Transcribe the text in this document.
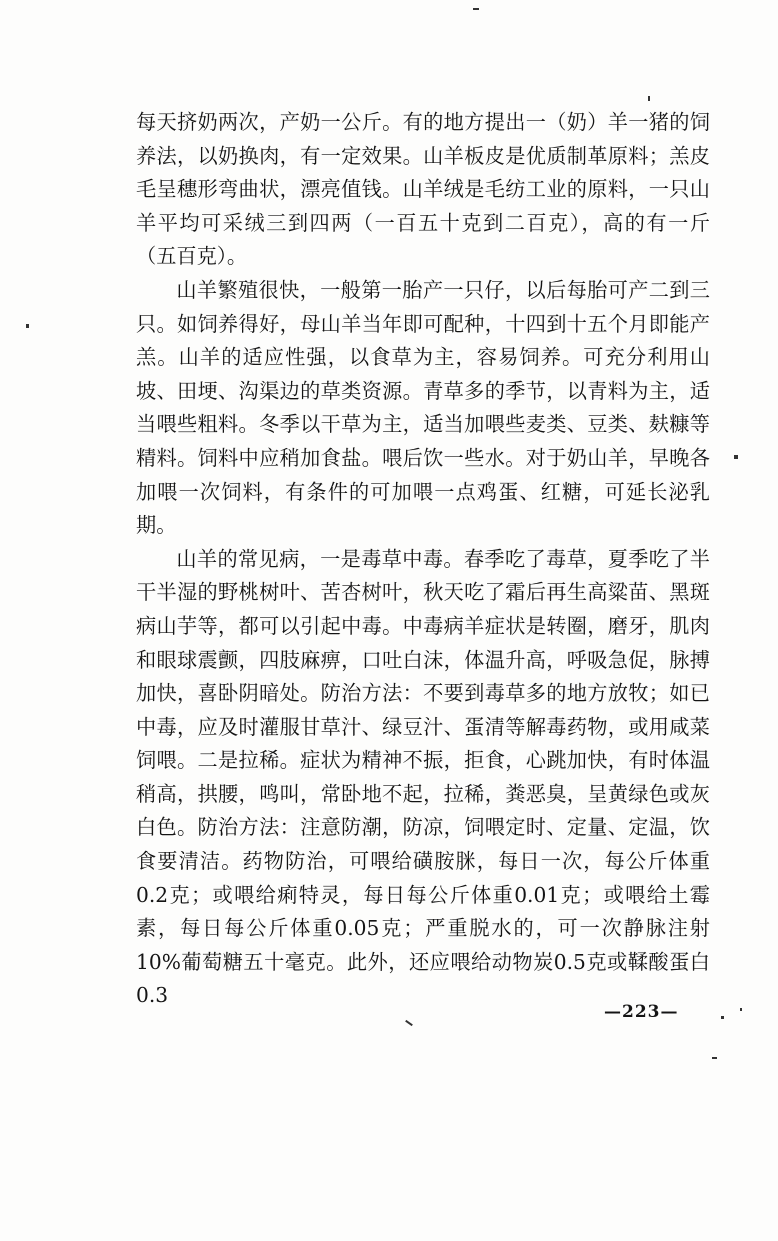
每天挤奶两次，产奶一公斤。有的地方提出一（奶）羊一猪的饲养法，以奶换肉，有一定效果。山羊板皮是优质制革原料；羔皮毛呈穗形弯曲状，漂亮值钱。山羊绒是毛纺工业的原料，一只山羊平均可采绒三到四两（一百五十克到二百克），高的有一斤（五百克）。

山羊繁殖很快，一般第一胎产一只仔，以后每胎可产二到三只。如饲养得好，母山羊当年即可配种，十四到十五个月即能产羔。山羊的适应性强，以食草为主，容易饲养。可充分利用山坡、田埂、沟渠边的草类资源。青草多的季节，以青料为主，适当喂些粗料。冬季以干草为主，适当加喂些麦类、豆类、麸糠等精料。饲料中应稍加食盐。喂后饮一些水。对于奶山羊，早晚各加喂一次饲料，有条件的可加喂一点鸡蛋、红糖，可延长泌乳期。

山羊的常见病，一是毒草中毒。春季吃了毒草，夏季吃了半干半湿的野桃树叶、苦杏树叶，秋天吃了霜后再生高粱苗、黑斑病山芋等，都可以引起中毒。中毒病羊症状是转圈，磨牙，肌肉和眼球震颤，四肢麻痹，口吐白沫，体温升高，呼吸急促，脉搏加快，喜卧阴暗处。防治方法：不要到毒草多的地方放牧；如已中毒，应及时灌服甘草汁、绿豆汁、蛋清等解毒药物，或用咸菜饲喂。二是拉稀。症状为精神不振，拒食，心跳加快，有时体温稍高，拱腰，鸣叫，常卧地不起，拉稀，粪恶臭，呈黄绿色或灰白色。防治方法：注意防潮，防凉，饲喂定时、定量、定温，饮食要清洁。药物防治，可喂给磺胺脒，每日一次，每公斤体重0.2克；或喂给痢特灵，每日每公斤体重0.01克；或喂给土霉素，每日每公斤体重0.05克；严重脱水的，可一次静脉注射10%葡萄糖五十毫克。此外，还应喂给动物炭0.5克或鞣酸蛋白0.3

—223—
